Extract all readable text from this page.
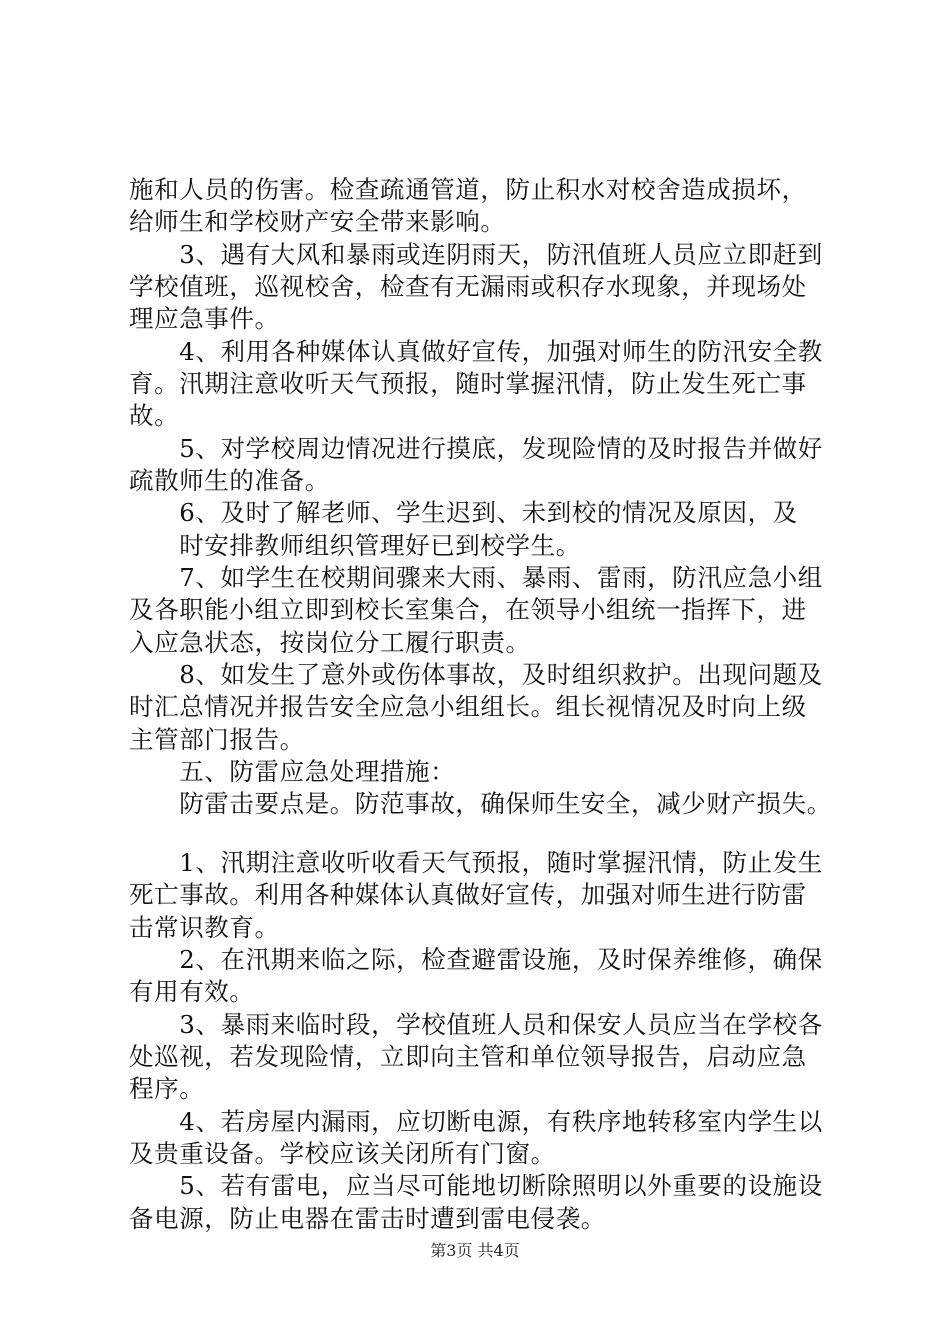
施和人员的伤害。检查疏通管道，防止积水对校舍造成损坏，
给师生和学校财产安全带来影响。
　　3、遇有大风和暴雨或连阴雨天，防汛值班人员应立即赶到
学校值班，巡视校舍，检查有无漏雨或积存水现象，并现场处
理应急事件。
　　4、利用各种媒体认真做好宣传，加强对师生的防汛安全教
育。汛期注意收听天气预报，随时掌握汛情，防止发生死亡事
故。
　　5、对学校周边情况进行摸底，发现险情的及时报告并做好
疏散师生的准备。
　　6、及时了解老师、学生迟到、未到校的情况及原因，及
　　时安排教师组织管理好已到校学生。
　　7、如学生在校期间骤来大雨、暴雨、雷雨，防汛应急小组
及各职能小组立即到校长室集合，在领导小组统一指挥下，进
入应急状态，按岗位分工履行职责。
　　8、如发生了意外或伤体事故，及时组织救护。出现问题及
时汇总情况并报告安全应急小组组长。组长视情况及时向上级
主管部门报告。
　　五、防雷应急处理措施：
　　防雷击要点是。防范事故，确保师生安全，减少财产损失。
　　1、汛期注意收听收看天气预报，随时掌握汛情，防止发生
死亡事故。利用各种媒体认真做好宣传，加强对师生进行防雷
击常识教育。
　　2、在汛期来临之际，检查避雷设施，及时保养维修，确保
有用有效。
　　3、暴雨来临时段，学校值班人员和保安人员应当在学校各
处巡视，若发现险情，立即向主管和单位领导报告，启动应急
程序。
　　4、若房屋内漏雨，应切断电源，有秩序地转移室内学生以
及贵重设备。学校应该关闭所有门窗。
　　5、若有雷电，应当尽可能地切断除照明以外重要的设施设
备电源，防止电器在雷击时遭到雷电侵袭。
第3页 共4页
